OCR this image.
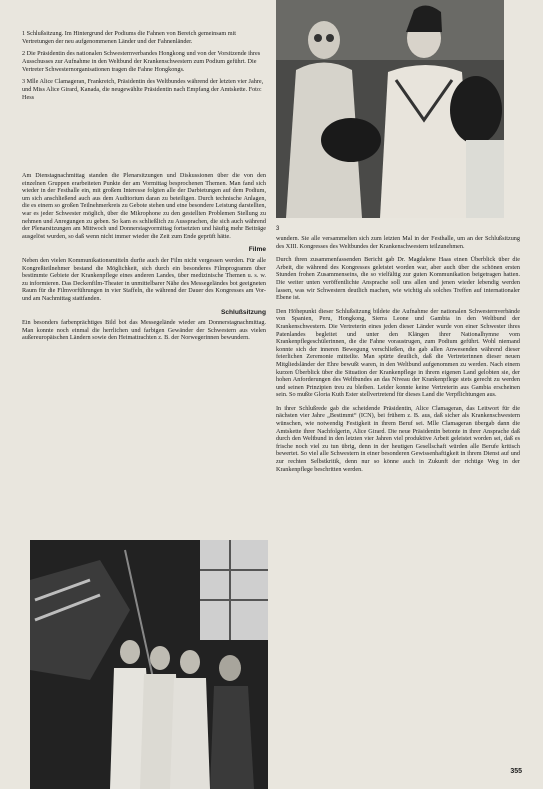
1 Schlußsitzung. Im Hintergrund der Podiums die Fahnen von Bereich gemeinsam mit Vertretungen der neu aufgenommenen Länder und der Fahnenländer.

2 Die Präsidentin des nationalen Schwesternverbandes Hongkong und von der Vorsitzende ihres Ausschusses zur Aufnahme in den Weltbund der Krankenschwestern zum Podium geführt. Die Vertreter Schwesternorganisationen tragen die Fahne Hongkongs.

3 Mlle Alice Clamageran, Frankreich, Präsidentin des Weltbundes während der letzten vier Jahre, und Miss Alice Girard, Kanada, die neugewählte Präsidentin nach Empfang der Amtskette. Foto: Hess

3

Am Dienstagnachmittag standen die Plenarsitzungen und Diskussionen über die von den einzelnen Gruppen erarbeiteten Punkte der am Vormittag besprochenen Themen. Man fand sich wieder in der Festhalle ein, mit großem Interesse folgten alle der Darbietungen auf dem Podium, um sich anschließend auch aus dem Auditorium daran zu beteiligen. Durch technische Anlagen, die es einem so großen Teilnehmerkreis zu Gebote stehen und eine besondere Leistung darstellten, war es jeder Schwester möglich, über die Mikrophone zu den gestellten Problemen Stellung zu nehmen und Anregungen zu geben. So kam es schließlich zu Aussprachen, die sich auch während der Plenarsitzungen am Mittwoch und Donnerstagvormittag fortsetzten und häufig mehr Beiträge ausgelöst wurden, so daß wenn nicht immer wieder die Zeit zum Ende geprüft hätte.

Filme

Neben den vielen Kommunikationsmitteln durfte auch der Film nicht vergessen werden. Für alle Kongreßteilnehmer bestand die Möglichkeit, sich durch ein besonderes Filmprogramm über bestimmte Gebiete der Krankenpflege eines anderen Landes, über medizinische Themen u. s. w. zu informieren. Das Deckenfilm-Theater in unmittelbarer Nähe des Messegeländes bot geeigneten Raum für die Filmvorführungen in vier Staffeln, die während der Dauer des Kongresses am Vor- und am Nachmittag stattfanden.

Schlußsitzung

Ein besonders farbenprächtiges Bild bot das Messegelände wieder am Donnerstagnachmittag. Man konnte noch einmal die herrlichen und farbigen Gewänder der Schwestern aus vielen außereuropäischen Ländern sowie den Heimattrachten z. B. der Norwegerinnen bewundern.

wundern. Sie alle versammelten sich zum letzten Mal in der Festhalle, um an der Schlußsitzung des XIII. Kongresses des Weltbundes der Krankenschwestern teilzunehmen.

Durch ihren zusammenfassenden Bericht gab Dr. Magdalene Haas einen Überblick über die Arbeit, die während des Kongresses geleistet worden war, aber auch über die schönen ersten Stunden frohen Zusammenseins, die so vielfältig zur guten Kommunikation beigetragen hatten. Die weiter unten veröffentlichte Ansprache soll uns allen und jenen wieder lebendig werden lassen, was wir Schwestern deutlich machen, wie wichtig als solches Treffen auf internationaler Ebene ist.

Den Höhepunkt dieser Schlußsitzung bildete die Aufnahme der nationalen Schwesternverbände von Spanien, Peru, Hongkong, Sierra Leone und Gambia in den Weltbund der Krankenschwestern. Die Vertreterin eines jeden dieser Länder wurde von einer Schwester ihres Patenlandes begleitet und unter den Klängen ihrer Nationalhymne vom Krankenpflegeschülerinnen, die die Fahne voraustrugen, zum Podium geführt. Wohl niemand konnte sich der inneren Bewegung verschließen, die gab allen Anwesenden während dieser feierlichen Zeremonie mitteilte. Man spürte deutlich, daß die Vertreterinnen dieser neuen Mitgliedsländer der Ehre bewußt waren, in den Weltbund aufgenommen zu werden. Nach einem kurzen Überblick über die Situation der Krankenpflege in ihrem eigenen Land gelobten sie, der hohen Anforderungen des Weltbundes an das Niveau der Krankenpflege stets gerecht zu werden und seinen Prinzipien treu zu bleiben. Leider konnte keine Vertreterin aus Gambia erscheinen sein. So mußte Gloria Kuth Ester stellvertretend für dieses Land die Verpflichtungen aus.

In ihrer Schlußrede gab die scheidende Präsidentin, Alice Clamageran, das Leitwort für die nächsten vier Jahre „Bestimmt“ (ICN), bei frühem z. B. aus, daß sicher als Krankenschwestern wünschen, wie notwendig Festigkeit in ihrem Beruf sei. Mlle Clamageran übergab dann die Amtskette ihrer Nachfolgerin, Alice Girard. Die neue Präsidentin betonte in ihrer Ansprache daß durch den Weltbund in den letzten vier Jahren viel produktive Arbeit geleistet worden sei, daß es frische noch viel zu tun übrig, denn in der heutigen Gesellschaft würden alle Berufe kritisch bewertet. So viel alle Schwestern in einer besonderen Gewissenhaftigkeit in ihrem Dienst auf und zur rechten Selbstkritik, denn nur so könne auch in Zukunft der richtige Weg in der Krankenpflege beschritten werden.

355
